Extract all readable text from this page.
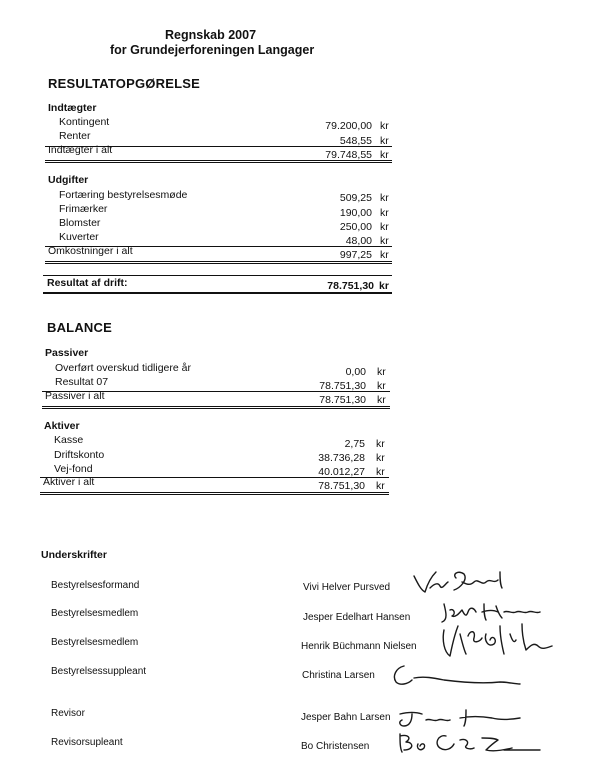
Regnskab 2007
for Grundejerforeningen Langager
RESULTATOPGØRELSE
Indtægter
Kontingent	79.200,00 kr
Renter	548,55 kr
Indtægter i alt	79.748,55 kr
Udgifter
Fortæring bestyrelsesmøde	509,25 kr
Frimærker	190,00 kr
Blomster	250,00 kr
Kuverter	48,00 kr
Omkostninger i alt	997,25 kr
Resultat af drift:	78.751,30 kr
BALANCE
Passiver
Overført overskud tidligere år	0,00 kr
Resultat 07	78.751,30 kr
Passiver i alt	78.751,30 kr
Aktiver
Kasse	2,75 kr
Driftskonto	38.736,28 kr
Vej-fond	40.012,27 kr
Aktiver i alt	78.751,30 kr
Underskrifter
Bestyrelsesformand	Vivi Helver Pursved
Bestyrelsesmedlem	Jesper Edelhart Hansen
Bestyrelsesmedlem	Henrik Büchmann Nielsen
Bestyrelsessuppleant	Christina Larsen
Revisor	Jesper Bahn Larsen
Revisorsupleant	Bo Christensen
